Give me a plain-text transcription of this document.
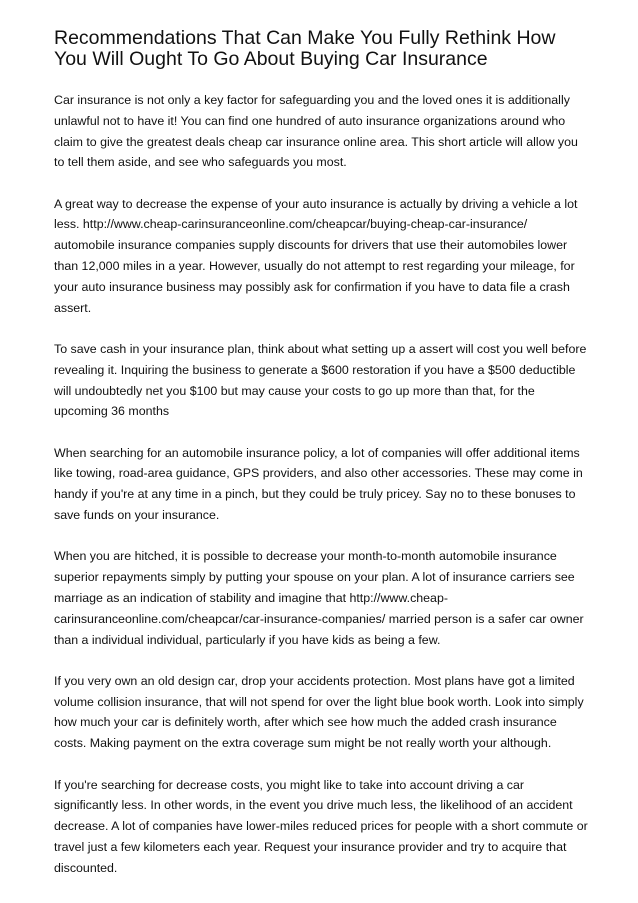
Recommendations That Can Make You Fully Rethink How You Will Ought To Go About Buying Car Insurance

Car insurance is not only a key factor for safeguarding you and the loved ones it is additionally unlawful not to have it! You can find one hundred of auto insurance organizations around who claim to give the greatest deals cheap car insurance online area. This short article will allow you to tell them aside, and see who safeguards you most.

A great way to decrease the expense of your auto insurance is actually by driving a vehicle a lot less. http://www.cheap-carinsuranceonline.com/cheapcar/buying-cheap-car-insurance/ automobile insurance companies supply discounts for drivers that use their automobiles lower than 12,000 miles in a year. However, usually do not attempt to rest regarding your mileage, for your auto insurance business may possibly ask for confirmation if you have to data file a crash assert.

To save cash in your insurance plan, think about what setting up a assert will cost you well before revealing it. Inquiring the business to generate a $600 restoration if you have a $500 deductible will undoubtedly net you $100 but may cause your costs to go up more than that, for the upcoming 36 months

When searching for an automobile insurance policy, a lot of companies will offer additional items like towing, road-area guidance, GPS providers, and also other accessories. These may come in handy if you're at any time in a pinch, but they could be truly pricey. Say no to these bonuses to save funds on your insurance.

When you are hitched, it is possible to decrease your month-to-month automobile insurance superior repayments simply by putting your spouse on your plan. A lot of insurance carriers see marriage as an indication of stability and imagine that http://www.cheap-carinsuranceonline.com/cheapcar/car-insurance-companies/ married person is a safer car owner than a individual individual, particularly if you have kids as being a few.

If you very own an old design car, drop your accidents protection. Most plans have got a limited volume collision insurance, that will not spend for over the light blue book worth. Look into simply how much your car is definitely worth, after which see how much the added crash insurance costs. Making payment on the extra coverage sum might be not really worth your although.

If you're searching for decrease costs, you might like to take into account driving a car significantly less. In other words, in the event you drive much less, the likelihood of an accident decrease. A lot of companies have lower-miles reduced prices for people with a short commute or travel just a few kilometers each year. Request your insurance provider and try to acquire that discounted.
